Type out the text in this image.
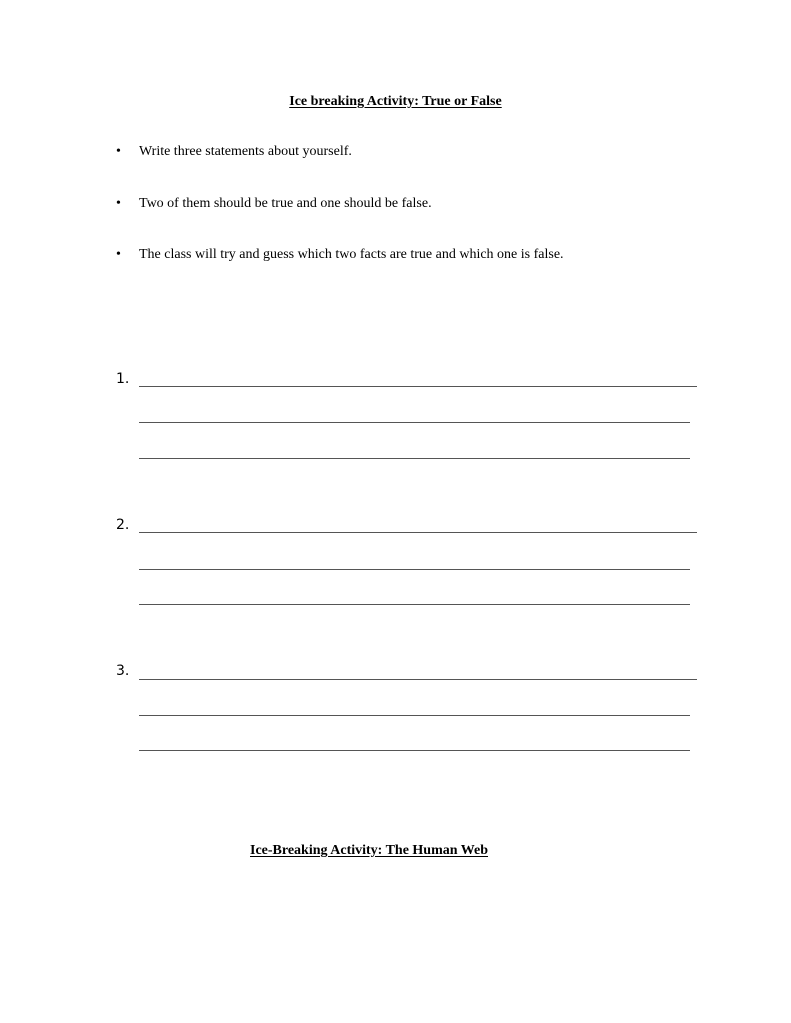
Ice breaking Activity: True or False
• Write three statements about yourself.
• Two of them should be true and one should be false.
• The class will try and guess which two facts are true and which one is false.
1.
2.
3.
Ice-Breaking Activity: The Human Web
